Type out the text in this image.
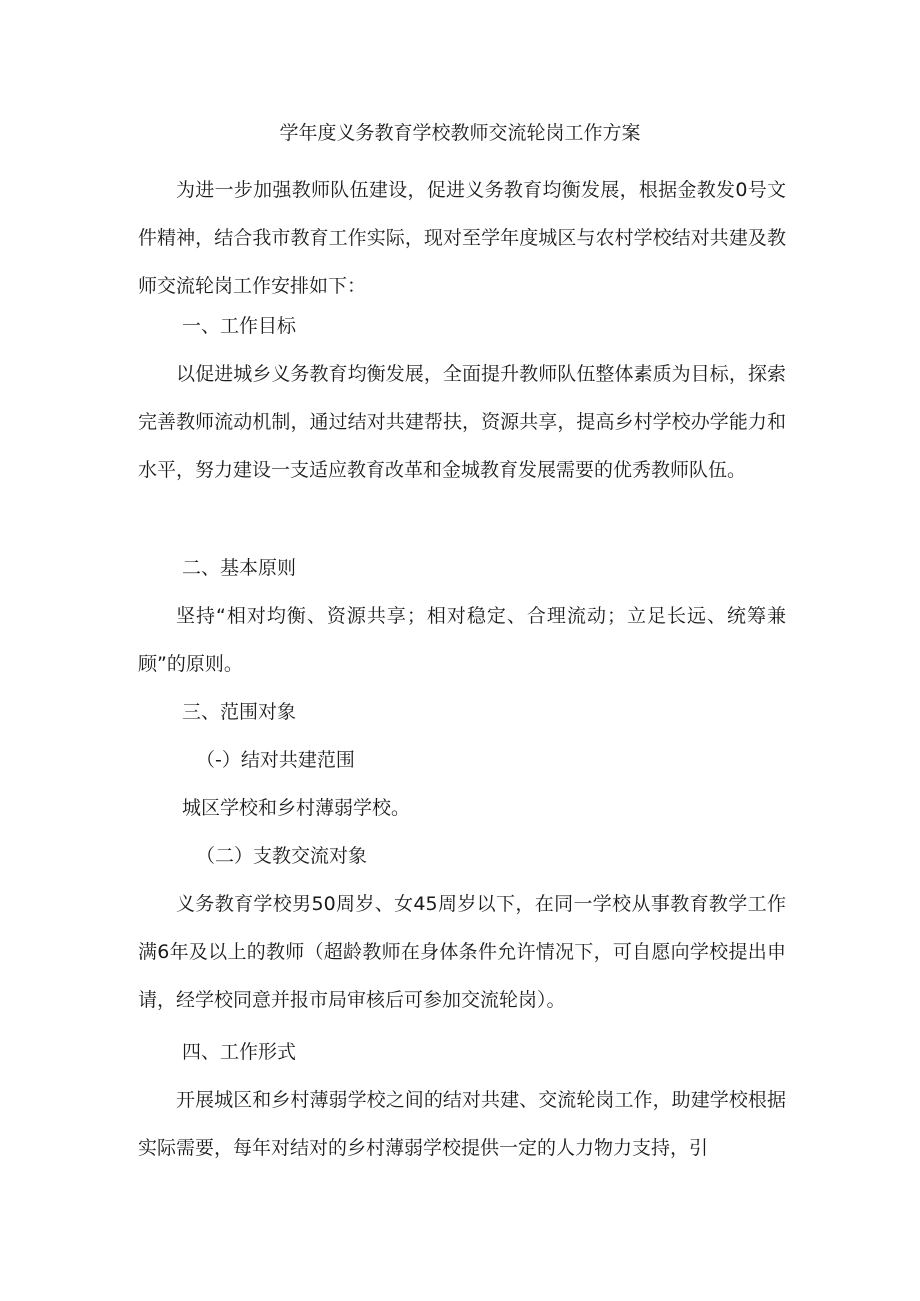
学年度义务教育学校教师交流轮岗工作方案

为进一步加强教师队伍建设，促进义务教育均衡发展，根据金教发0号文件精神，结合我市教育工作实际，现对至学年度城区与农村学校结对共建及教师交流轮岗工作安排如下：

一、工作目标

以促进城乡义务教育均衡发展，全面提升教师队伍整体素质为目标，探索完善教师流动机制，通过结对共建帮扶，资源共享，提高乡村学校办学能力和水平，努力建设一支适应教育改革和金城教育发展需要的优秀教师队伍。

二、基本原则

坚持“相对均衡、资源共享；相对稳定、合理流动；立足长远、统筹兼顾”的原则。

三、范围对象
（-）结对共建范围

城区学校和乡村薄弱学校。

（二）支教交流对象

义务教育学校男50周岁、女45周岁以下，在同一学校从事教育教学工作满6年及以上的教师（超龄教师在身体条件允许情况下，可自愿向学校提出申请，经学校同意并报市局审核后可参加交流轮岗）。

四、工作形式

开展城区和乡村薄弱学校之间的结对共建、交流轮岗工作，助建学校根据实际需要，每年对结对的乡村薄弱学校提供一定的人力物力支持，引
